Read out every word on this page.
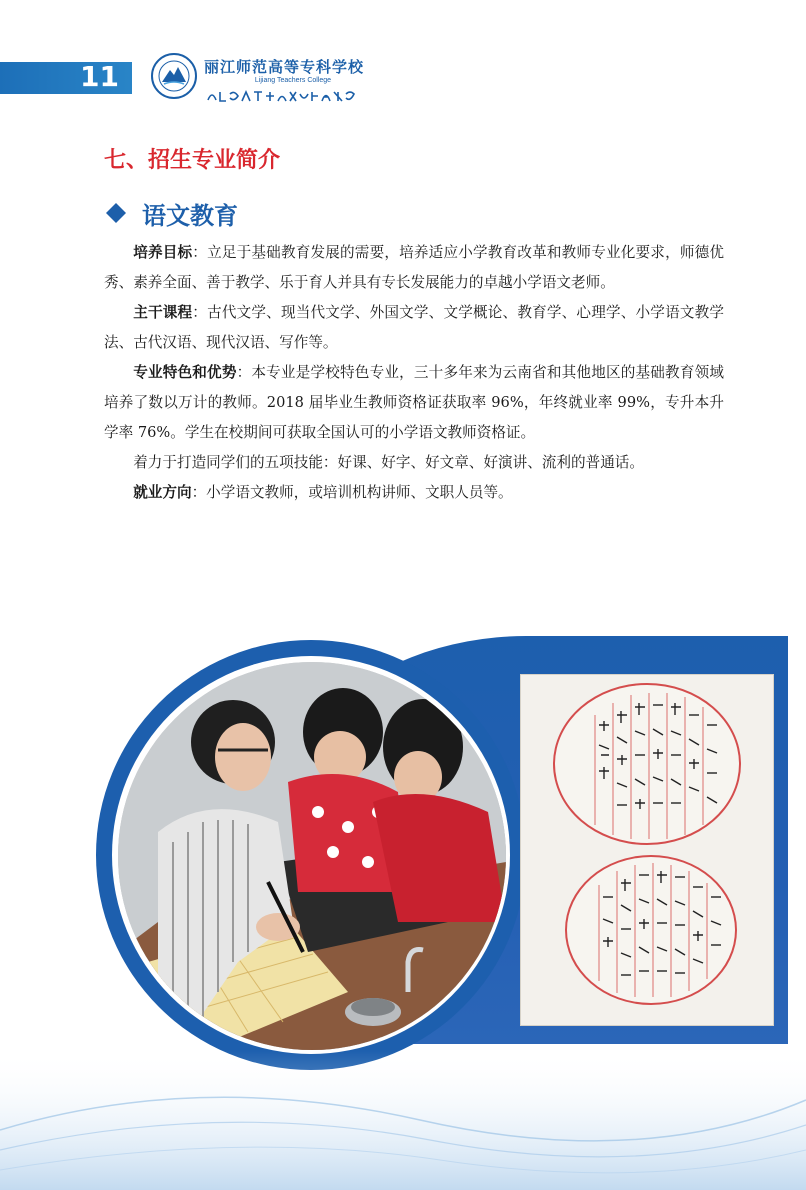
11	丽江师范高等专科学校
Lijiang Teachers College
七、招生专业简介
语文教育

培养目标：立足于基础教育发展的需要，培养适应小学教育改革和教师专业化要求，师德优秀、素养全面、善于教学、乐于育人并具有专长发展能力的卓越小学语文老师。

主干课程：古代文学、现当代文学、外国文学、文学概论、教育学、心理学、小学语文教学法、古代汉语、现代汉语、写作等。

专业特色和优势：本专业是学校特色专业，三十多年来为云南省和其他地区的基础教育领域培养了数以万计的教师。2018 届毕业生教师资格证获取率 96%，年终就业率 99%，专升本升学率 76%。学生在校期间可获取全国认可的小学语文教师资格证。

着力于打造同学们的五项技能：好课、好字、好文章、好演讲、流利的普通话。

就业方向：小学语文教师，或培训机构讲师、文职人员等。
